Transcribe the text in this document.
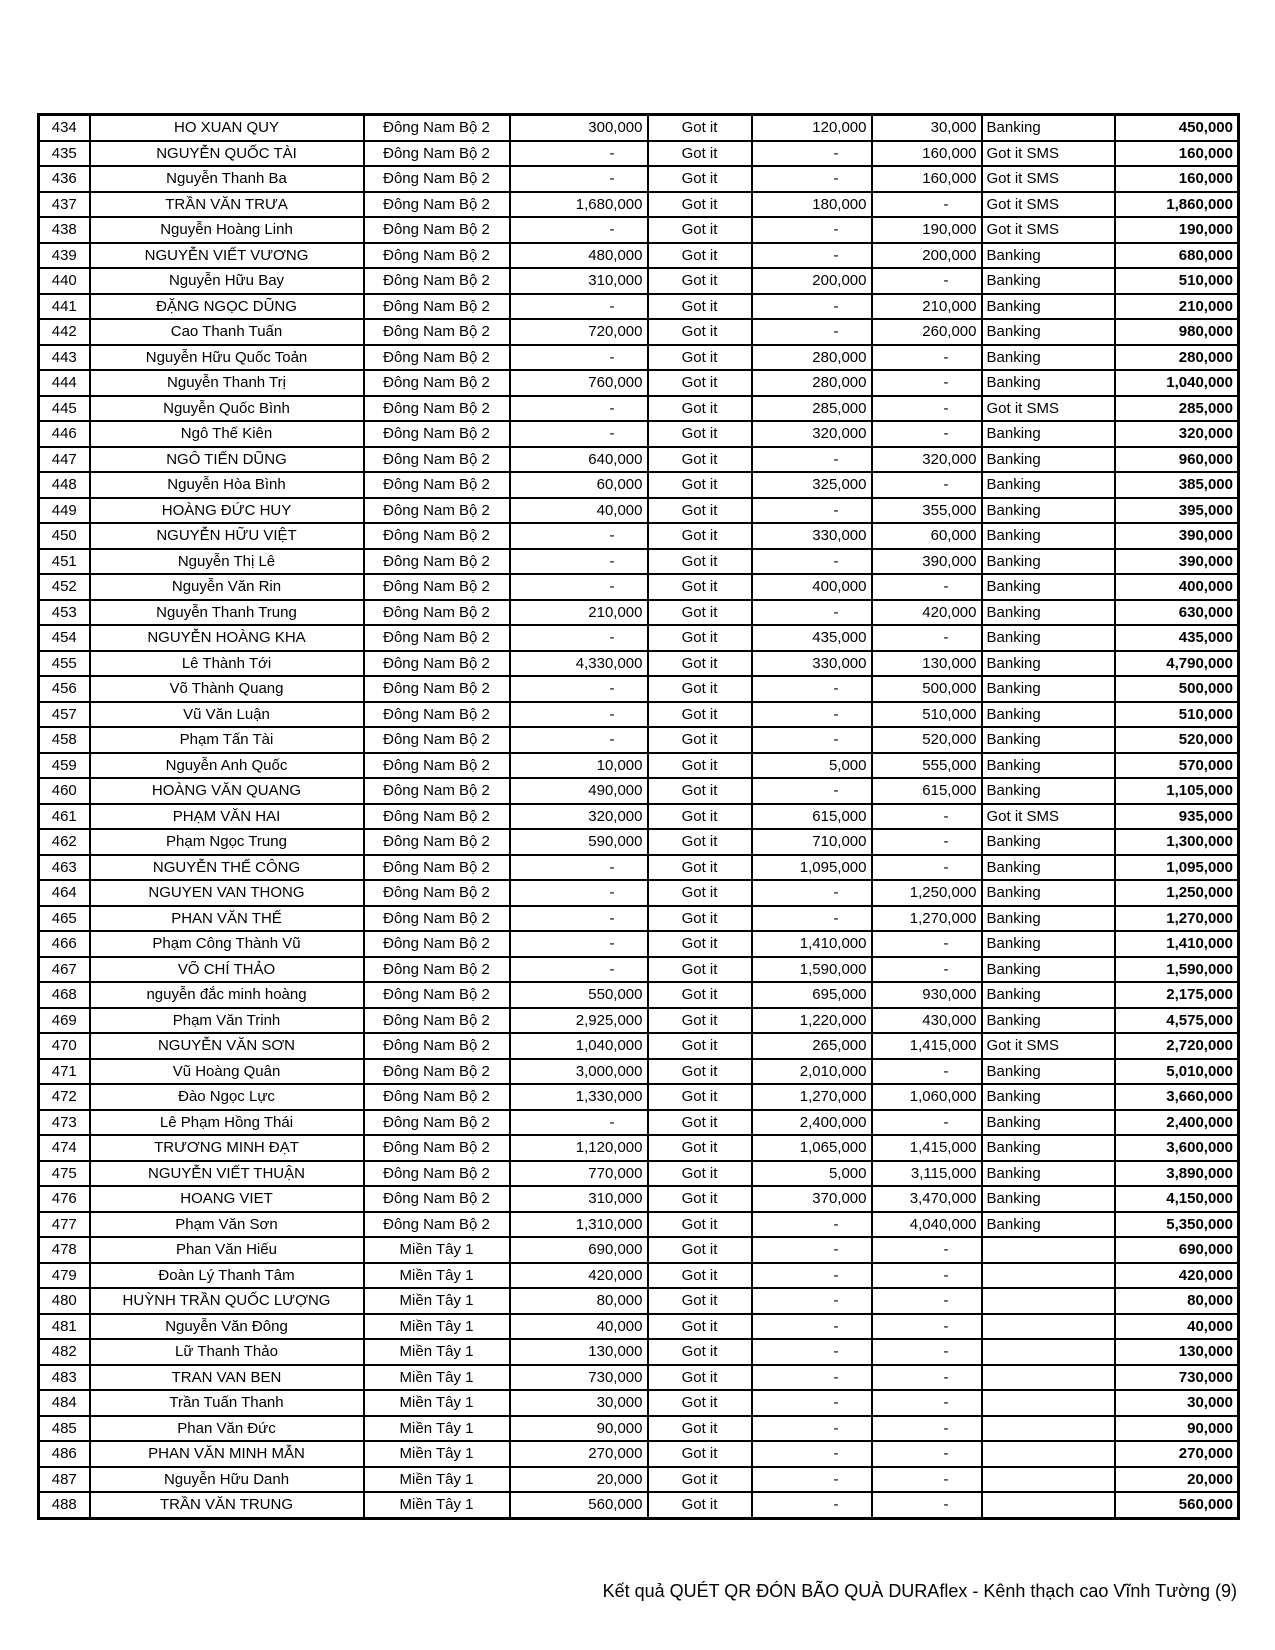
434	HO XUAN QUY	Đông Nam Bộ 2	300,000	Got it	120,000	30,000	Banking	450,000
435	NGUYỄN QUỐC TÀI	Đông Nam Bộ 2	-	Got it	-	160,000	Got it SMS	160,000
436	Nguyễn Thanh Ba	Đông Nam Bộ 2	-	Got it	-	160,000	Got it SMS	160,000
437	TRẦN VĂN TRƯA	Đông Nam Bộ 2	1,680,000	Got it	180,000	-	Got it SMS	1,860,000
438	Nguyễn Hoàng Linh	Đông Nam Bộ 2	-	Got it	-	190,000	Got it SMS	190,000
439	NGUYỄN VIẾT VƯƠNG	Đông Nam Bộ 2	480,000	Got it	-	200,000	Banking	680,000
440	Nguyễn Hữu Bay	Đông Nam Bộ 2	310,000	Got it	200,000	-	Banking	510,000
441	ĐẶNG NGỌC DŨNG	Đông Nam Bộ 2	-	Got it	-	210,000	Banking	210,000
442	Cao Thanh Tuấn	Đông Nam Bộ 2	720,000	Got it	-	260,000	Banking	980,000
443	Nguyễn Hữu Quốc Toản	Đông Nam Bộ 2	-	Got it	280,000	-	Banking	280,000
444	Nguyễn Thanh Trị	Đông Nam Bộ 2	760,000	Got it	280,000	-	Banking	1,040,000
445	Nguyễn Quốc Bình	Đông Nam Bộ 2	-	Got it	285,000	-	Got it SMS	285,000
446	Ngô Thế Kiên	Đông Nam Bộ 2	-	Got it	320,000	-	Banking	320,000
447	NGÔ TIẾN DŨNG	Đông Nam Bộ 2	640,000	Got it	-	320,000	Banking	960,000
448	Nguyễn Hòa Bình	Đông Nam Bộ 2	60,000	Got it	325,000	-	Banking	385,000
449	HOÀNG ĐỨC HUY	Đông Nam Bộ 2	40,000	Got it	-	355,000	Banking	395,000
450	NGUYỄN HỮU VIỆT	Đông Nam Bộ 2	-	Got it	330,000	60,000	Banking	390,000
451	Nguyễn Thị Lê	Đông Nam Bộ 2	-	Got it	-	390,000	Banking	390,000
452	Nguyễn Văn Rin	Đông Nam Bộ 2	-	Got it	400,000	-	Banking	400,000
453	Nguyễn Thanh Trung	Đông Nam Bộ 2	210,000	Got it	-	420,000	Banking	630,000
454	NGUYỄN HOÀNG KHA	Đông Nam Bộ 2	-	Got it	435,000	-	Banking	435,000
455	Lê Thành Tới	Đông Nam Bộ 2	4,330,000	Got it	330,000	130,000	Banking	4,790,000
456	Võ Thành Quang	Đông Nam Bộ 2	-	Got it	-	500,000	Banking	500,000
457	Vũ Văn Luận	Đông Nam Bộ 2	-	Got it	-	510,000	Banking	510,000
458	Phạm Tấn Tài	Đông Nam Bộ 2	-	Got it	-	520,000	Banking	520,000
459	Nguyễn Anh Quốc	Đông Nam Bộ 2	10,000	Got it	5,000	555,000	Banking	570,000
460	HOÀNG VĂN QUANG	Đông Nam Bộ 2	490,000	Got it	-	615,000	Banking	1,105,000
461	PHẠM VĂN HAI	Đông Nam Bộ 2	320,000	Got it	615,000	-	Got it SMS	935,000
462	Phạm Ngọc Trung	Đông Nam Bộ 2	590,000	Got it	710,000	-	Banking	1,300,000
463	NGUYỄN THẾ CÔNG	Đông Nam Bộ 2	-	Got it	1,095,000	-	Banking	1,095,000
464	NGUYEN VAN THONG	Đông Nam Bộ 2	-	Got it	-	1,250,000	Banking	1,250,000
465	PHAN VĂN THẾ	Đông Nam Bộ 2	-	Got it	-	1,270,000	Banking	1,270,000
466	Phạm Công Thành Vũ	Đông Nam Bộ 2	-	Got it	1,410,000	-	Banking	1,410,000
467	VÕ CHÍ THẢO	Đông Nam Bộ 2	-	Got it	1,590,000	-	Banking	1,590,000
468	nguyễn đắc minh hoàng	Đông Nam Bộ 2	550,000	Got it	695,000	930,000	Banking	2,175,000
469	Phạm Văn Trinh	Đông Nam Bộ 2	2,925,000	Got it	1,220,000	430,000	Banking	4,575,000
470	NGUYỄN VĂN SƠN	Đông Nam Bộ 2	1,040,000	Got it	265,000	1,415,000	Got it SMS	2,720,000
471	Vũ Hoàng Quân	Đông Nam Bộ 2	3,000,000	Got it	2,010,000	-	Banking	5,010,000
472	Đào Ngọc Lực	Đông Nam Bộ 2	1,330,000	Got it	1,270,000	1,060,000	Banking	3,660,000
473	Lê Phạm Hồng Thái	Đông Nam Bộ 2	-	Got it	2,400,000	-	Banking	2,400,000
474	TRƯƠNG MINH ĐẠT	Đông Nam Bộ 2	1,120,000	Got it	1,065,000	1,415,000	Banking	3,600,000
475	NGUYỄN VIẾT THUẬN	Đông Nam Bộ 2	770,000	Got it	5,000	3,115,000	Banking	3,890,000
476	HOANG VIET	Đông Nam Bộ 2	310,000	Got it	370,000	3,470,000	Banking	4,150,000
477	Phạm Văn Sơn	Đông Nam Bộ 2	1,310,000	Got it	-	4,040,000	Banking	5,350,000
478	Phan Văn Hiếu	Miền Tây 1	690,000	Got it	-	-		690,000
479	Đoàn Lý Thanh Tâm	Miền Tây 1	420,000	Got it	-	-		420,000
480	HUỲNH TRẦN QUỐC LƯỢNG	Miền Tây 1	80,000	Got it	-	-		80,000
481	Nguyễn Văn Đông	Miền Tây 1	40,000	Got it	-	-		40,000
482	Lữ Thanh Thảo	Miền Tây 1	130,000	Got it	-	-		130,000
483	TRAN VAN BEN	Miền Tây 1	730,000	Got it	-	-		730,000
484	Trần Tuấn Thanh	Miền Tây 1	30,000	Got it	-	-		30,000
485	Phan Văn Đức	Miền Tây 1	90,000	Got it	-	-		90,000
486	PHAN VĂN MINH MẪN	Miền Tây 1	270,000	Got it	-	-		270,000
487	Nguyễn Hữu Danh	Miền Tây 1	20,000	Got it	-	-		20,000
488	TRẦN VĂN TRUNG	Miền Tây 1	560,000	Got it	-	-		560,000
Kết quả QUÉT QR ĐÓN BÃO QUÀ DURAflex - Kênh thạch cao Vĩnh Tường (9)
